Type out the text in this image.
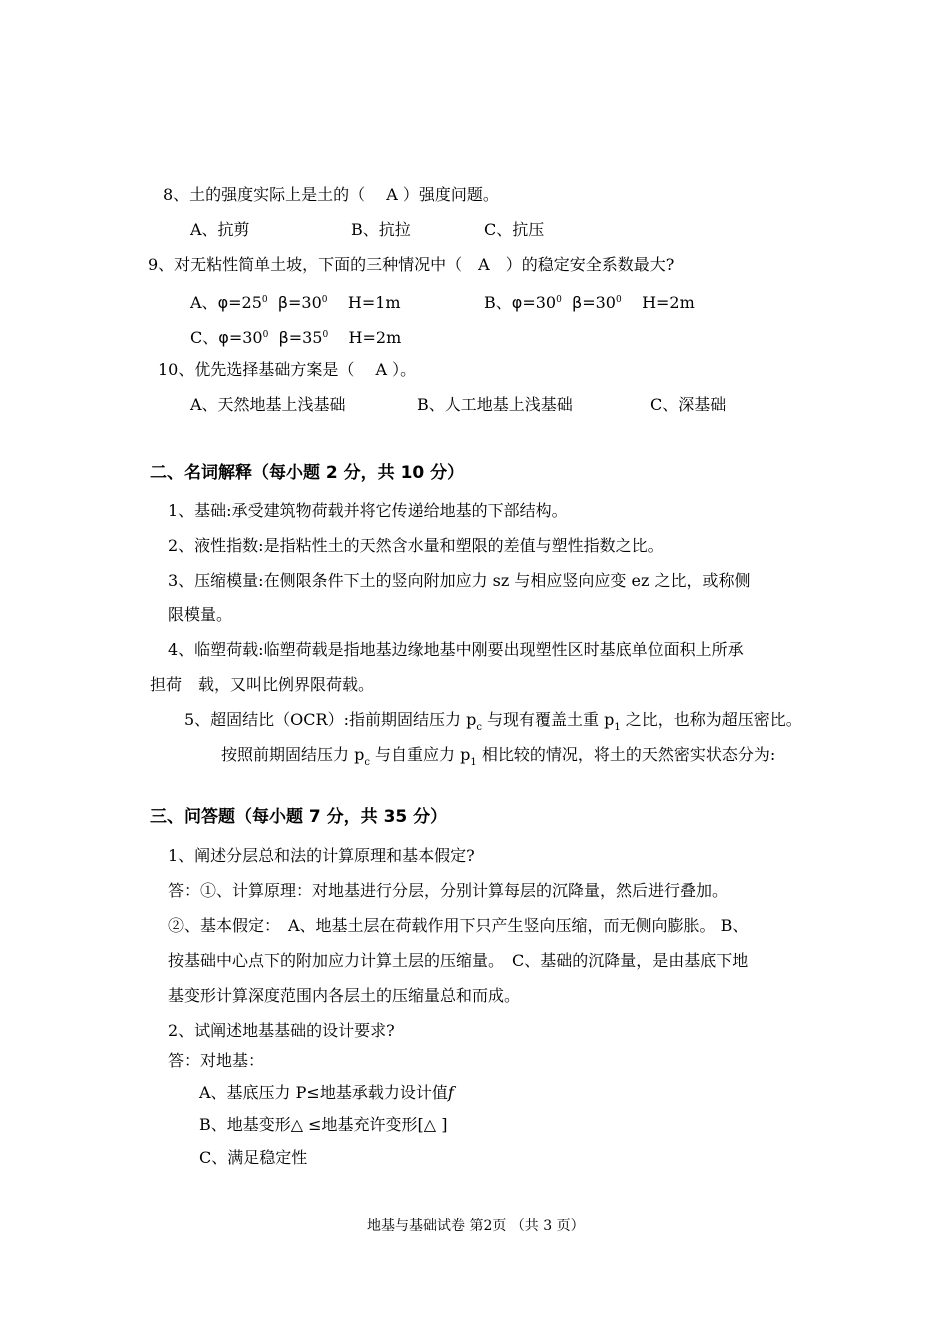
8、土的强度实际上是土的（　 A ）强度问题。
A、抗剪	B、抗拉	C、抗压
9、对无粘性简单土坡，下面的三种情况中（　A　）的稳定安全系数最大?
A、$\varphi=25^0$ $\beta=30^0$ H=1m	B、$\varphi=30^0$ $\beta=30^0$ H=2m
C、$\varphi=30^0$ $\beta=35^0$ H=2m
10、优先选择基础方案是（　 A ）。
A、天然地基上浅基础	B、人工地基上浅基础	C、深基础
二、名词解释（每小题 2 分，共 10 分）
1、基础:承受建筑物荷载并将它传递给地基的下部结构。
2、液性指数:是指粘性土的天然含水量和塑限的差值与塑性指数之比。
3、压缩模量:在侧限条件下土的竖向附加应力 sz 与相应竖向应变 ez 之比，或称侧
限模量。
4、临塑荷载:临塑荷载是指地基边缘地基中刚要出现塑性区时基底单位面积上所承
担荷　载，又叫比例界限荷载。
5、超固结比（OCR）:指前期固结压力 $p_c$ 与现有覆盖土重 $p_1$ 之比，也称为超压密比。
按照前期固结压力 $p_c$ 与自重应力 $p_1$ 相比较的情况，将土的天然密实状态分为:
三、问答题（每小题 7 分，共 35 分）
1、阐述分层总和法的计算原理和基本假定?
答：①、计算原理：对地基进行分层，分别计算每层的沉降量，然后进行叠加。
②、基本假定：　A、地基土层在荷载作用下只产生竖向压缩，而无侧向膨胀。 B、
按基础中心点下的附加应力计算土层的压缩量。　C、基础的沉降量，是由基底下地
基变形计算深度范围内各层土的压缩量总和而成。
2、试阐述地基基础的设计要求?
答：对地基：
A、基底压力 P≤地基承载力设计值f
B、地基变形△ ≤地基充许变形[△ ]
C、满足稳定性
地基与基础试卷 第2页 （共 3 页）
